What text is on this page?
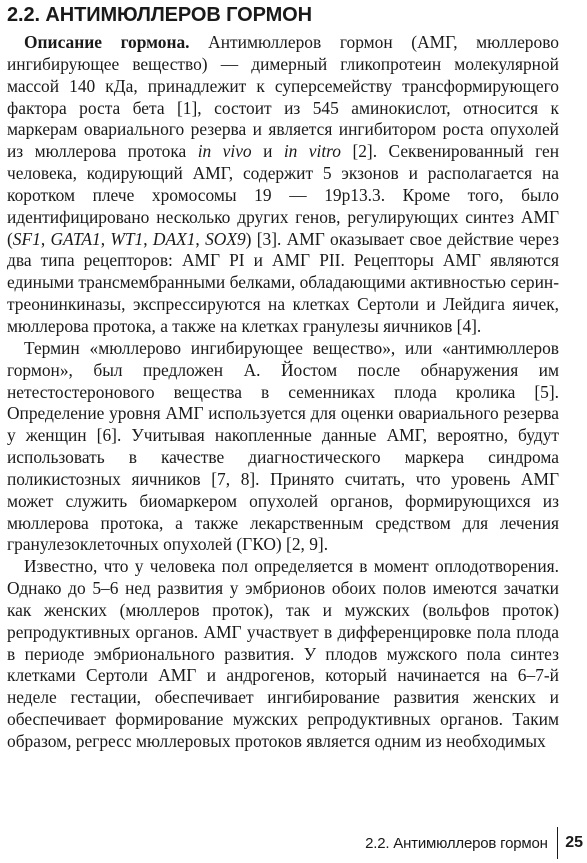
2.2. АНТИМЮЛЛЕРОВ ГОРМОН

Описание гормона. Антимюллеров гормон (АМГ, мюллерово ингибирующее вещество) — димерный гликопротеин молекулярной массой 140 кДа, принадлежит к суперсемейству трансформирующего фактора роста бета [1], состоит из 545 аминокислот, относится к маркерам овариального резерва и является ингибитором роста опухолей из мюллерова протока in vivo и in vitro [2]. Секвенированный ген человека, кодирующий АМГ, содержит 5 экзонов и располагается на коротком плече хромосомы 19 — 19p13.3. Кроме того, было идентифицировано несколько других генов, регулирующих синтез АМГ (SF1, GATA1, WT1, DAX1, SOX9) [3]. АМГ оказывает свое действие через два типа рецепторов: АМГ PI и АМГ PII. Рецепторы АМГ являются едиными трансмембранными белками, обладающими активностью серин-треонинкиназы, экспрессируются на клетках Сертоли и Лейдига яичек, мюллерова протока, а также на клетках гранулезы яичников [4].

Термин «мюллерово ингибирующее вещество», или «антимюллеров гормон», был предложен А. Йостом после обнаружения им нетестостеронового вещества в семенниках плода кролика [5]. Определение уровня АМГ используется для оценки овариального резерва у женщин [6]. Учитывая накопленные данные АМГ, вероятно, будут использовать в качестве диагностического маркера синдрома поликистозных яичников [7, 8]. Принято считать, что уровень АМГ может служить биомаркером опухолей органов, формирующихся из мюллерова протока, а также лекарственным средством для лечения гранулезоклеточных опухолей (ГКО) [2, 9].

Известно, что у человека пол определяется в момент оплодотворения. Однако до 5–6 нед развития у эмбрионов обоих полов имеются зачатки как женских (мюллеров проток), так и мужских (вольфов проток) репродуктивных органов. АМГ участвует в дифференцировке пола плода в периоде эмбрионального развития. У плодов мужского пола синтез клетками Сертоли АМГ и андрогенов, который начинается на 6–7-й неделе гестации, обеспечивает ингибирование развития женских и обеспечивает формирование мужских репродуктивных органов. Таким образом, регресс мюллеровых протоков является одним из необходимых

2.2. Антимюллеров гормон 25
